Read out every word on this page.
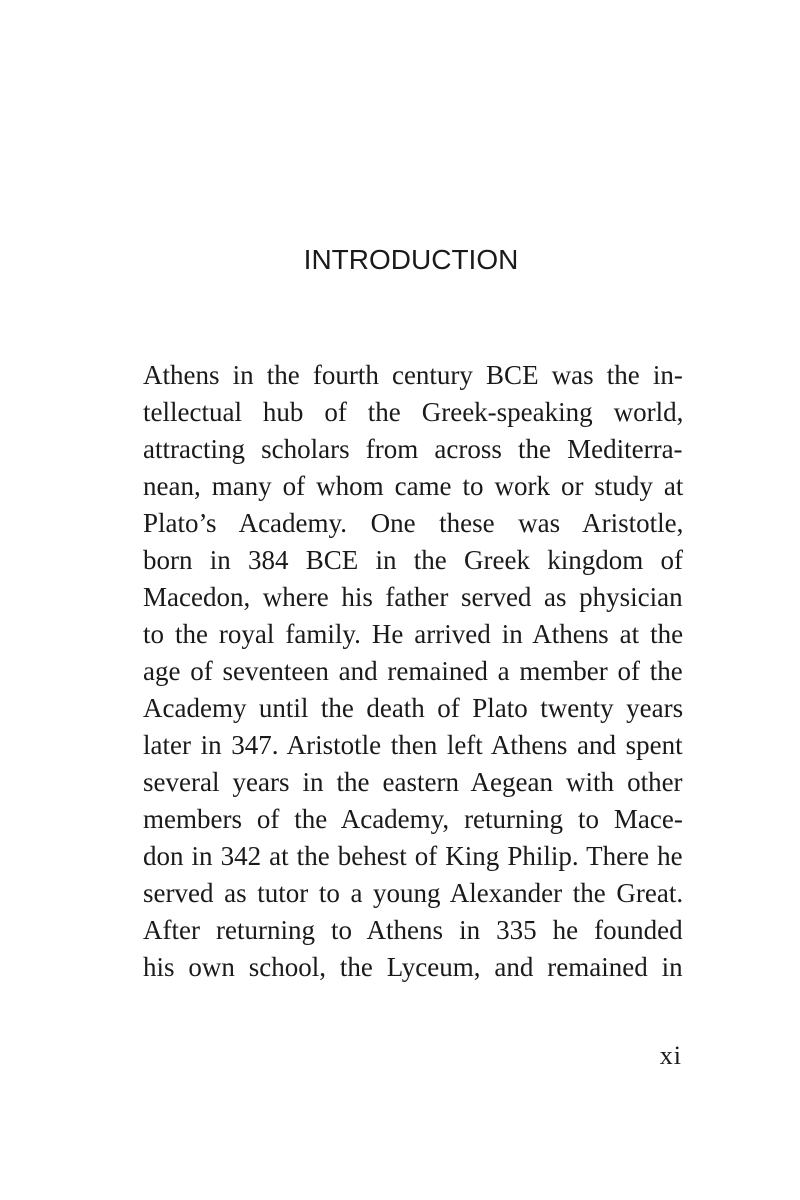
INTRODUCTION
Athens in the fourth century BCE was the in-
tellectual hub of the Greek-speaking world,
attracting scholars from across the Mediterra-
nean, many of whom came to work or study at
Plato’s Academy. One these was Aristotle,
born in 384 BCE in the Greek kingdom of
Macedon, where his father served as physician
to the royal family. He arrived in Athens at the
age of seventeen and remained a member of the
Academy until the death of Plato twenty years
later in 347. Aristotle then left Athens and spent
several years in the eastern Aegean with other
members of the Academy, returning to Mace-
don in 342 at the behest of King Philip. There he
served as tutor to a young Alexander the Great.
After returning to Athens in 335 he founded
his own school, the Lyceum, and remained in
xi
